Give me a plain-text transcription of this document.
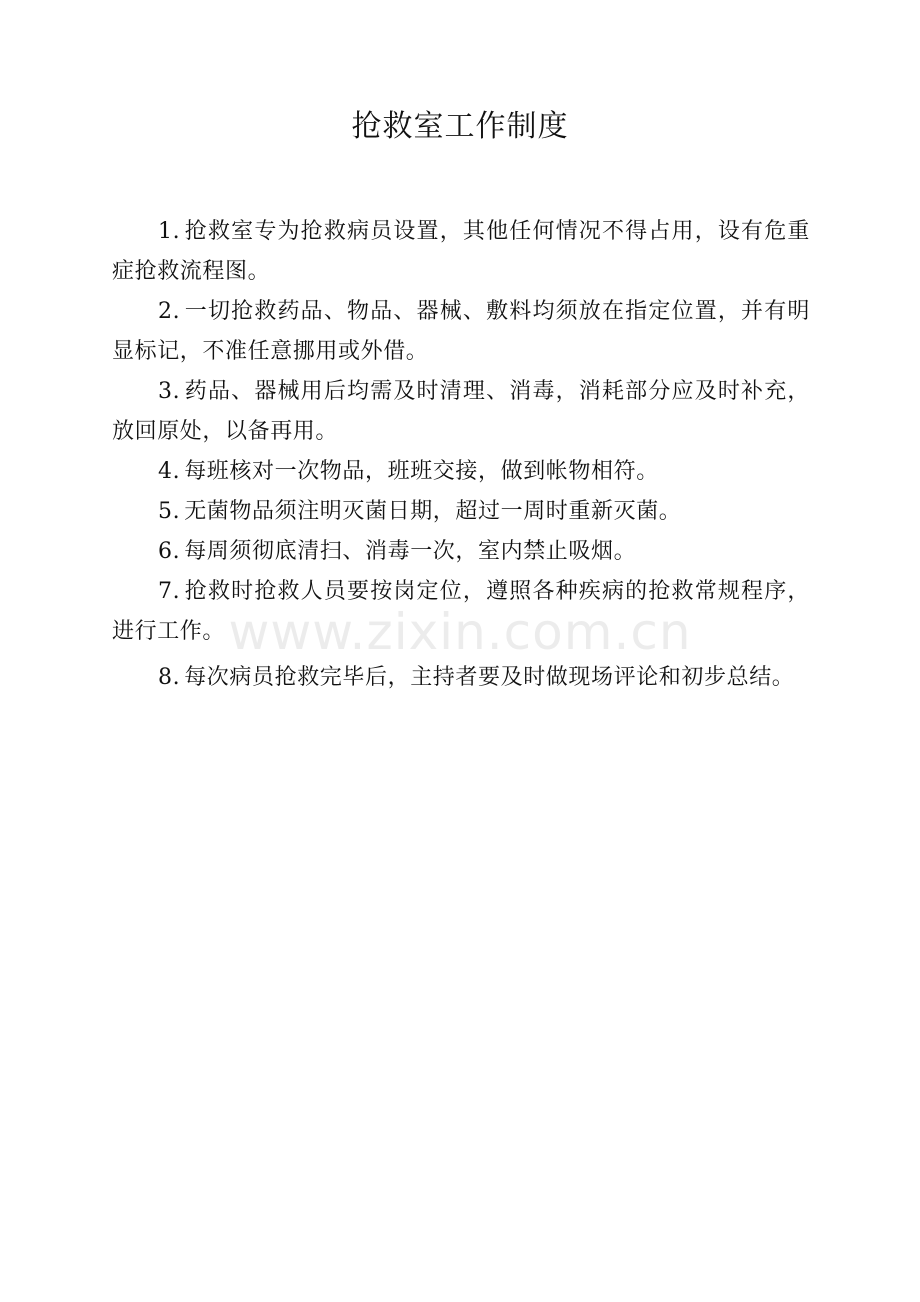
抢救室工作制度

1. 抢救室专为抢救病员设置，其他任何情况不得占用，设有危重症抢救流程图。

2. 一切抢救药品、物品、器械、敷料均须放在指定位置，并有明显标记，不准任意挪用或外借。

3. 药品、器械用后均需及时清理、消毒，消耗部分应及时补充，放回原处，以备再用。

4. 每班核对一次物品，班班交接，做到帐物相符。

5. 无菌物品须注明灭菌日期，超过一周时重新灭菌。

6. 每周须彻底清扫、消毒一次，室内禁止吸烟。

7. 抢救时抢救人员要按岗定位，遵照各种疾病的抢救常规程序，进行工作。

8. 每次病员抢救完毕后，主持者要及时做现场评论和初步总结。

www.zixin.com.cn
